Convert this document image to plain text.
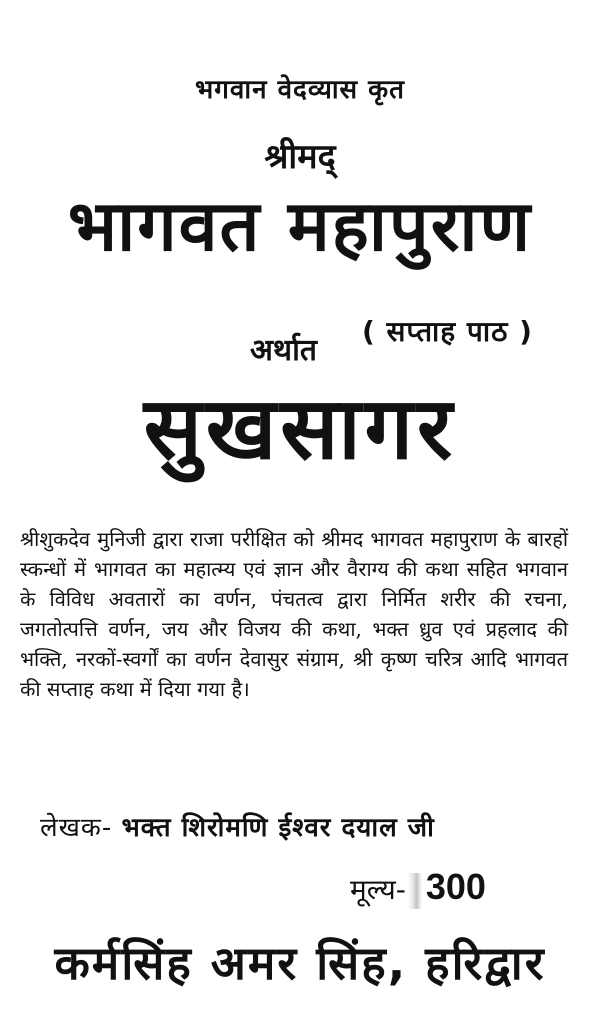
भगवान वेदव्यास कृत
श्रीमद्
भागवत महापुराण
अर्थात
( सप्ताह पाठ )
सुखसागर
श्रीशुकदेव मुनिजी द्वारा राजा परीक्षित को श्रीमद भागवत महापुराण के बारहों स्कन्धों में भागवत का महात्म्य एवं ज्ञान और वैराग्य की कथा सहित भगवान के विविध अवतारों का वर्णन, पंचतत्व द्वारा निर्मित शरीर की रचना, जगतोत्पत्ति वर्णन, जय और विजय की कथा, भक्त ध्रुव एवं प्रहलाद की भक्ति, नरकों-स्वर्गों का वर्णन देवासुर संग्राम, श्री कृष्ण चरित्र आदि भागवत की सप्ताह कथा में दिया गया है।
लेखक- भक्त शिरोमणि ईश्वर दयाल जी
मूल्य- 300
कर्मसिंह अमर सिंह, हरिद्वार
